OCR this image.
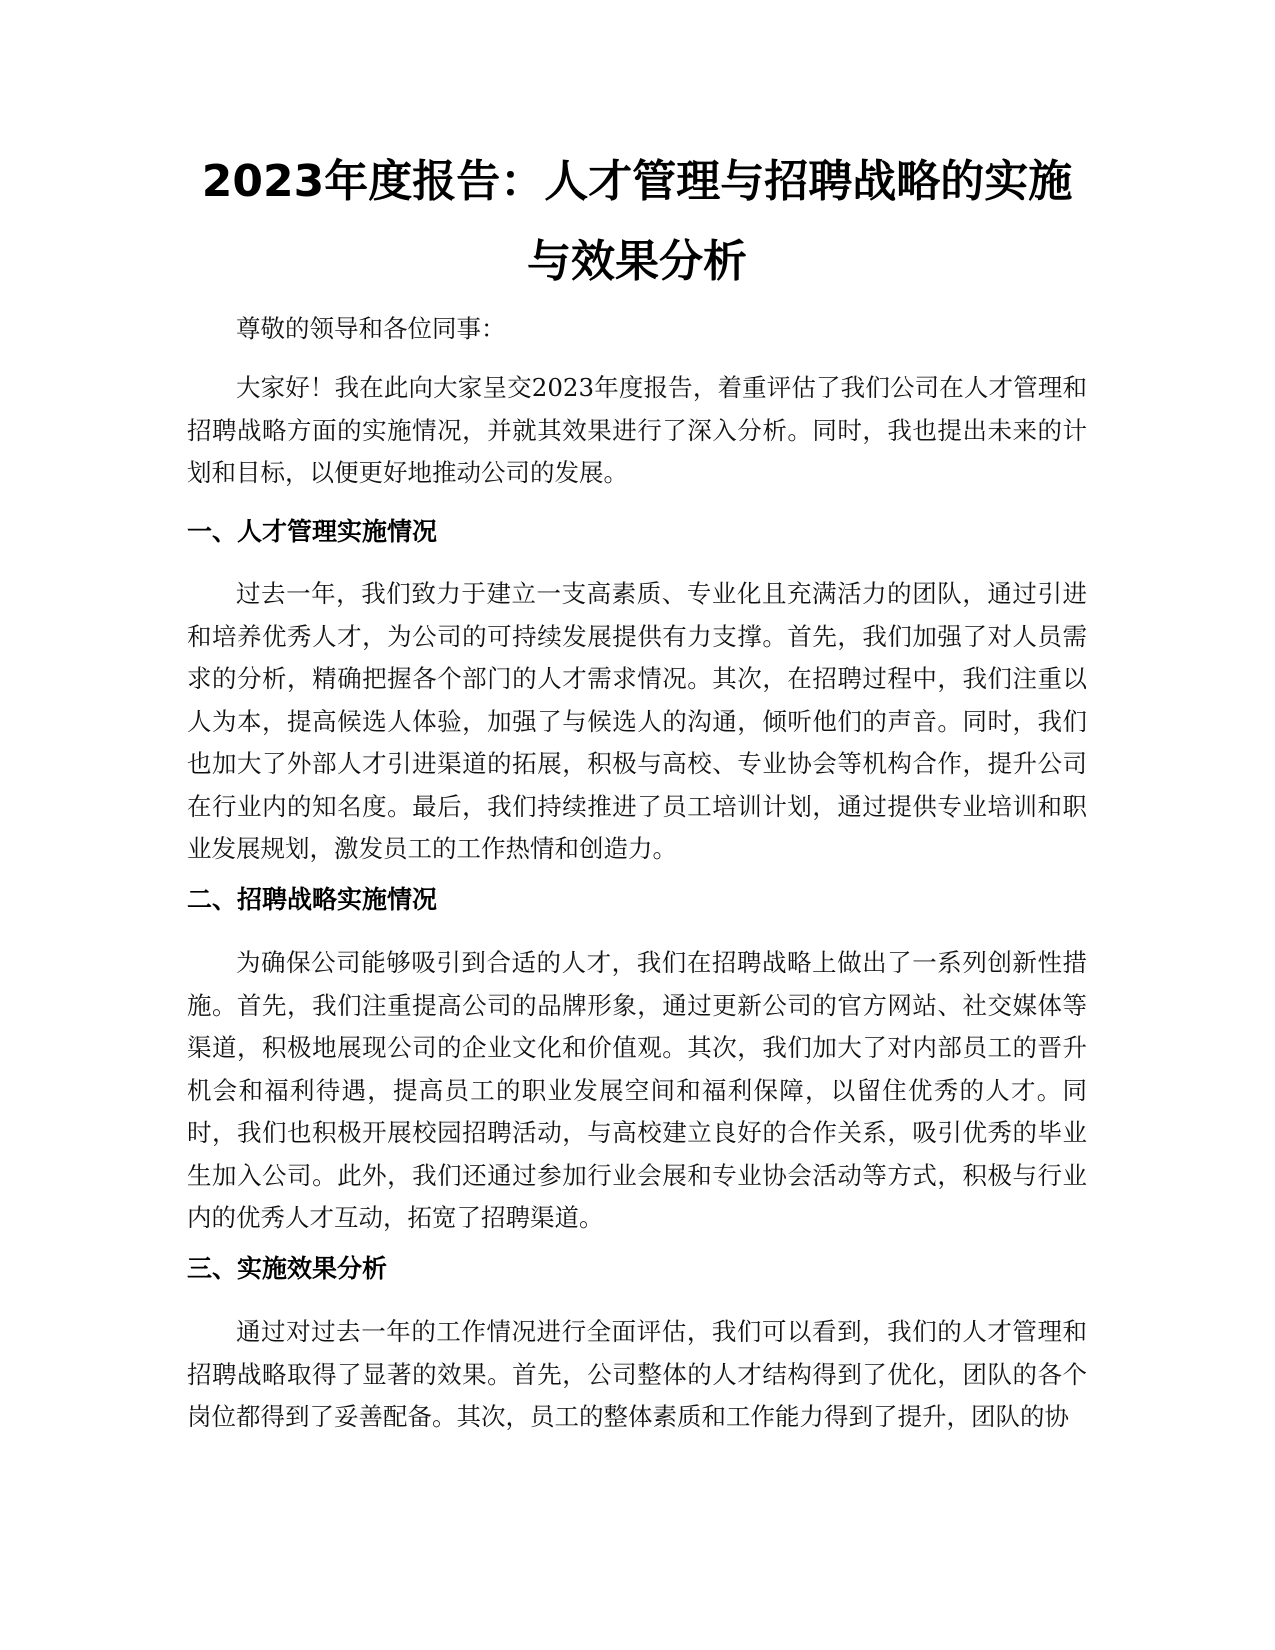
2023年度报告：人才管理与招聘战略的实施与效果分析

尊敬的领导和各位同事：

大家好！我在此向大家呈交2023年度报告，着重评估了我们公司在人才管理和招聘战略方面的实施情况，并就其效果进行了深入分析。同时，我也提出未来的计划和目标，以便更好地推动公司的发展。

一、人才管理实施情况

过去一年，我们致力于建立一支高素质、专业化且充满活力的团队，通过引进和培养优秀人才，为公司的可持续发展提供有力支撑。首先，我们加强了对人员需求的分析，精确把握各个部门的人才需求情况。其次，在招聘过程中，我们注重以人为本，提高候选人体验，加强了与候选人的沟通，倾听他们的声音。同时，我们也加大了外部人才引进渠道的拓展，积极与高校、专业协会等机构合作，提升公司在行业内的知名度。最后，我们持续推进了员工培训计划，通过提供专业培训和职业发展规划，激发员工的工作热情和创造力。

二、招聘战略实施情况

为确保公司能够吸引到合适的人才，我们在招聘战略上做出了一系列创新性措施。首先，我们注重提高公司的品牌形象，通过更新公司的官方网站、社交媒体等渠道，积极地展现公司的企业文化和价值观。其次，我们加大了对内部员工的晋升机会和福利待遇，提高员工的职业发展空间和福利保障，以留住优秀的人才。同时，我们也积极开展校园招聘活动，与高校建立良好的合作关系，吸引优秀的毕业生加入公司。此外，我们还通过参加行业会展和专业协会活动等方式，积极与行业内的优秀人才互动，拓宽了招聘渠道。

三、实施效果分析

通过对过去一年的工作情况进行全面评估，我们可以看到，我们的人才管理和招聘战略取得了显著的效果。首先，公司整体的人才结构得到了优化，团队的各个岗位都得到了妥善配备。其次，员工的整体素质和工作能力得到了提升，团队的协
